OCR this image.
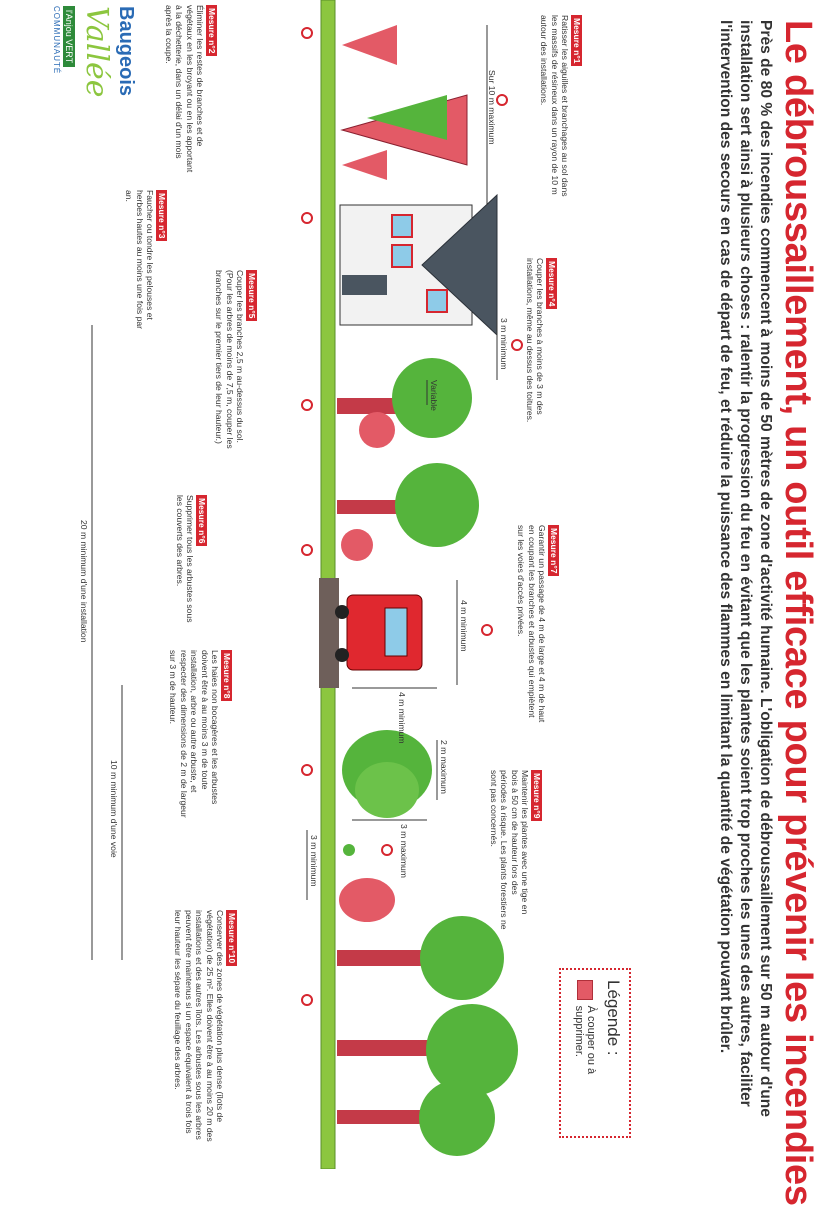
Le débroussaillement, un outil efficace pour prévenir les incendies
Près de 80 % des incendies commencent à moins de 50 mètres de zone d'activité humaine. L'obligation de débroussaillement sur 50 m autour d'une installation sert ainsi à plusieurs choses : ralentir la progression du feu en évitant que les plantes soient trop proches les unes des autres, faciliter l'intervention des secours en cas de départ de feu, et réduire la puissance des flammes en limitant la quantité de végétation pouvant brûler.
Légende :
À couper ou à supprimer.
Sur 10 m maximum
3 m minimum
Variable
4 m minimum
4 m minimum
2 m maximum
3 m maximum
3 m minimum
20 m minimum d'une installation
10 m minimum d'une voie
Mesure n°1
Ratisser les aiguilles et branchages au sol dans les massifs de résineux dans un rayon de 10 m autour des installations.
Mesure n°2
Éliminer les restes de branches et de végétaux en les broyant ou en les apportant à la déchetterie, dans un délai d'un mois après la coupe.
Mesure n°3
Faucher ou tondre les pelouses et herbes hautes au moins une fois par an.
Mesure n°4
Couper les branches à moins de 3 m des installations, même au dessus des toitures.
Mesure n°5
Couper les branches 2,5 m au-dessus du sol. (Pour les arbres de moins de 7,5 m, couper les branches sur le premier tiers de leur hauteur.)
Mesure n°6
Supprimer tous les arbustes sous les couverts des arbres.	Mesure n°7
Garantir un passage de 4 m de large et 4 m de haut en coupant les branches et arbustes qui empiètent sur les voies d'accès privées.
Mesure n°8
Les haies non bocagères et les arbustes doivent être à au moins 3 m de toute installation, arbre ou autre arbuste, et respecter des dimensions de 2 m de largeur sur 3 m de hauteur.
Mesure n°9
Maintenir les plantes avec une tige en bois à 50 cm de hauteur lors des périodes à risque. Les plants forestiers ne sont pas concernés.
Mesure n°10
Conserver des zones de végétation plus dense (îlots de végétation) de 25 m². Elles doivent être à au moins 20 m des installations et des autres îlots. Les arbustes sous les arbres peuvent être maintenus si un espace équivalent à trois fois leur hauteur les sépare du feuillage des arbres.
Baugeois
Vallée
l'Anjou VERT
COMMUNAUTÉ
